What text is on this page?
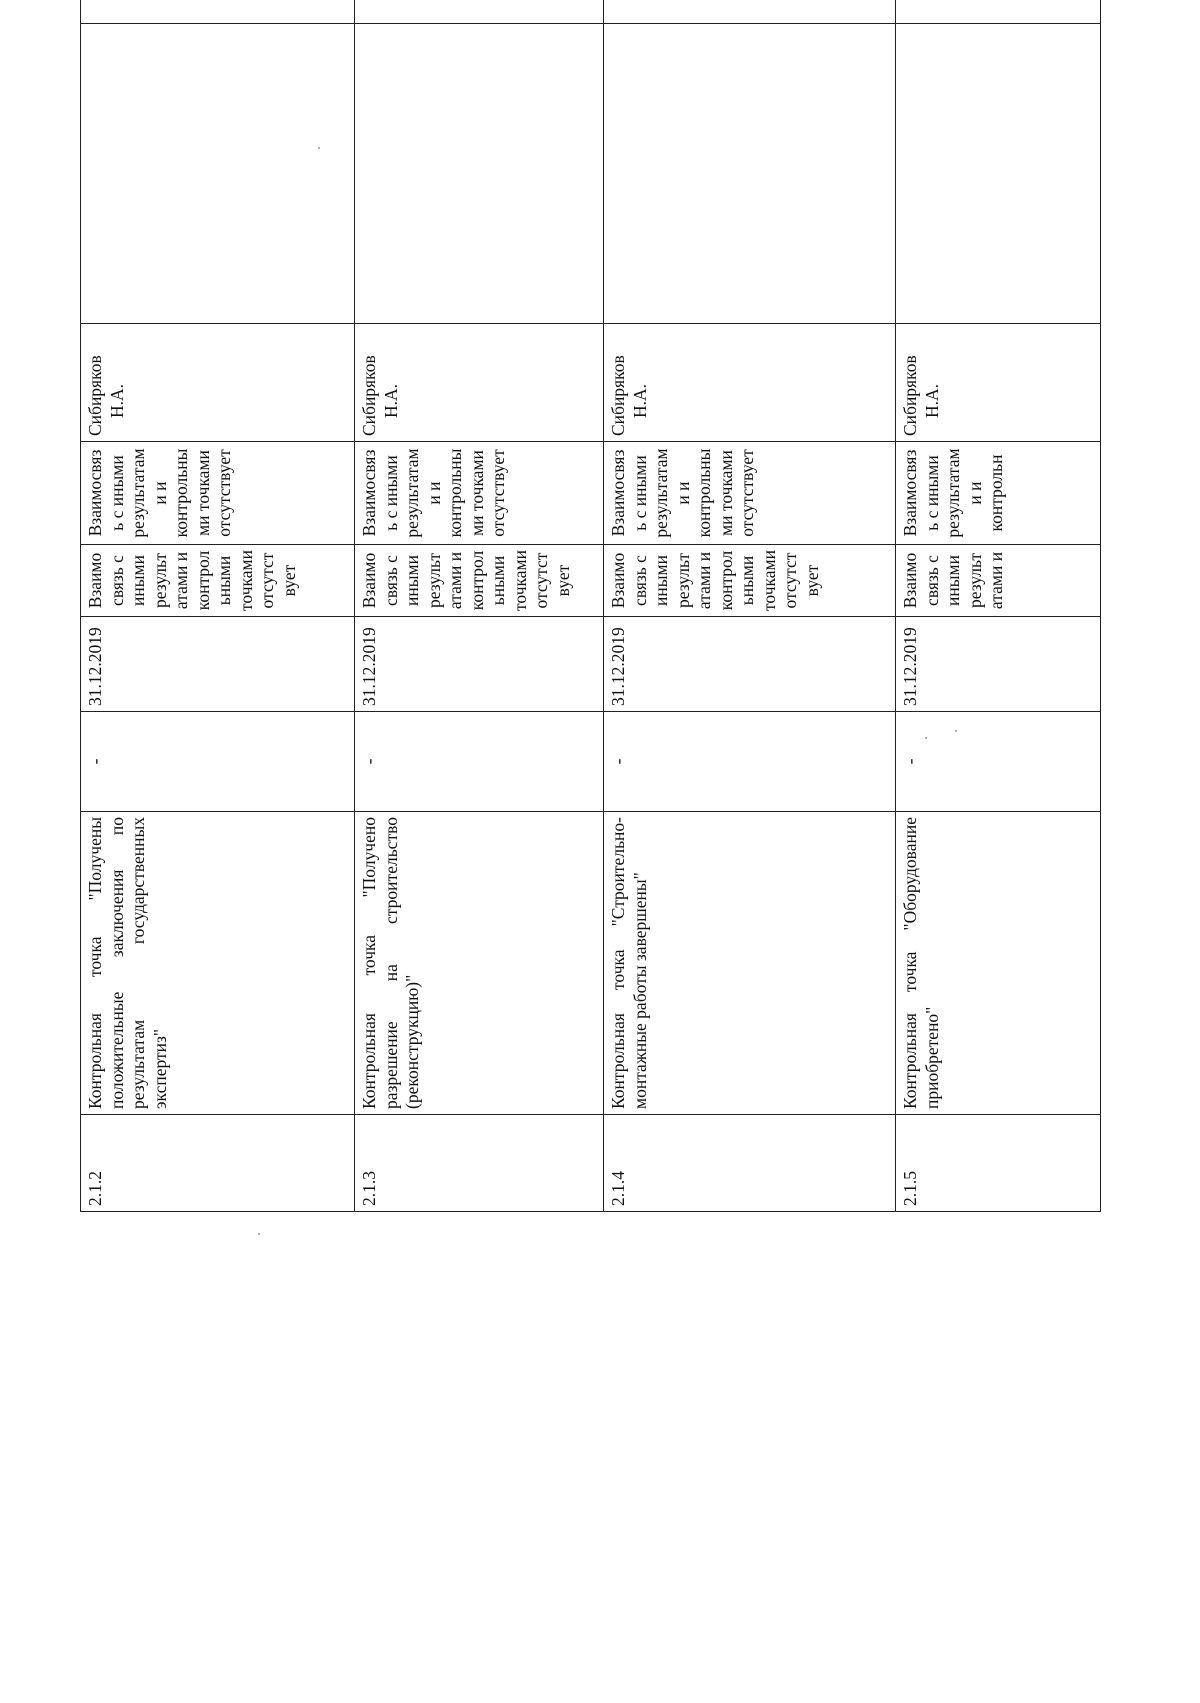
2.1.2	Контрольная точка "Получены положительные заключения по результатам государственных экспертиз"	-	31.12.2019	Взаимосвязь с иными результатами и контрольными точками отсутствует	Взаимосвязь с иными результатами и контрольными точками отсутствует	Сибиряков Н.А.

2.1.3	Контрольная точка "Получено разрешение на строительство (реконструкцию)"	-	31.12.2019	Взаимосвязь с иными результатами и контрольными точками отсутствует	Взаимосвязь с иными результатами и контрольными точками отсутствует	Сибиряков Н.А.

2.1.4	Контрольная точка "Строительно-монтажные работы завершены"	-	31.12.2019	Взаимосвязь с иными результатами и контрольными точками отсутствует	Взаимосвязь с иными результатами и контрольными точками отсутствует	Сибиряков Н.А.

2.1.5	Контрольная точка "Оборудование приобретено"	-	31.12.2019	Взаимосвязь с иными результатами и	Взаимосвязь с иными результатами и контрольн	Сибиряков Н.А.
